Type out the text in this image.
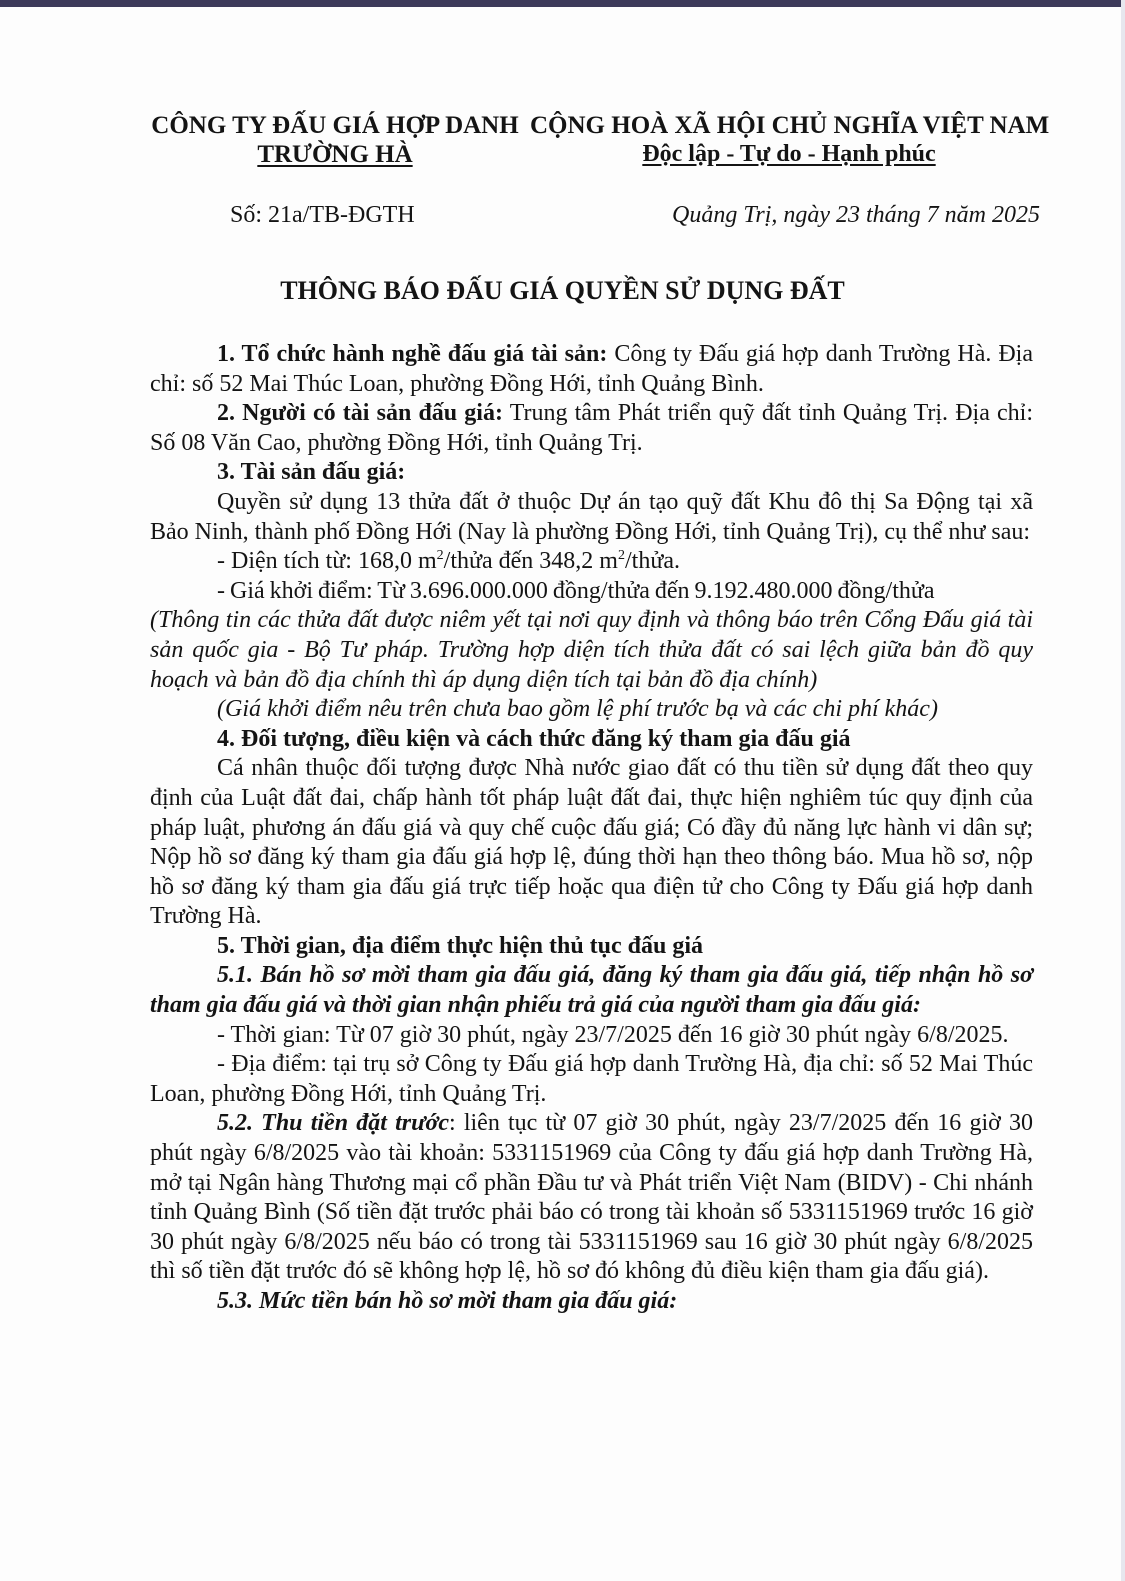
CÔNG TY ĐẤU GIÁ HỢP DANH
TRƯỜNG HÀ
CỘNG HOÀ XÃ HỘI CHỦ NGHĨA VIỆT NAM
Độc lập - Tự do - Hạnh phúc
Số: 21a/TB-ĐGTH	Quảng Trị, ngày 23 tháng 7 năm 2025
THÔNG BÁO ĐẤU GIÁ QUYỀN SỬ DỤNG ĐẤT

1. Tổ chức hành nghề đấu giá tài sản: Công ty Đấu giá hợp danh Trường Hà. Địa chỉ: số 52 Mai Thúc Loan, phường Đồng Hới, tỉnh Quảng Bình.

2. Người có tài sản đấu giá: Trung tâm Phát triển quỹ đất tỉnh Quảng Trị. Địa chỉ: Số 08 Văn Cao, phường Đồng Hới, tỉnh Quảng Trị.

3. Tài sản đấu giá:

Quyền sử dụng 13 thửa đất ở thuộc Dự án tạo quỹ đất Khu đô thị Sa Động tại xã Bảo Ninh, thành phố Đồng Hới (Nay là phường Đồng Hới, tỉnh Quảng Trị), cụ thể như sau:

- Diện tích từ: 168,0 $m^2$/thửa đến 348,2 $m^2$/thửa.

- Giá khởi điểm: Từ 3.696.000.000 đồng/thửa đến 9.192.480.000 đồng/thửa

(Thông tin các thửa đất được niêm yết tại nơi quy định và thông báo trên Cổng Đấu giá tài sản quốc gia - Bộ Tư pháp. Trường hợp diện tích thửa đất có sai lệch giữa bản đồ quy hoạch và bản đồ địa chính thì áp dụng diện tích tại bản đồ địa chính)

(Giá khởi điểm nêu trên chưa bao gồm lệ phí trước bạ và các chi phí khác)

4. Đối tượng, điều kiện và cách thức đăng ký tham gia đấu giá

Cá nhân thuộc đối tượng được Nhà nước giao đất có thu tiền sử dụng đất theo quy định của Luật đất đai, chấp hành tốt pháp luật đất đai, thực hiện nghiêm túc quy định của pháp luật, phương án đấu giá và quy chế cuộc đấu giá; Có đầy đủ năng lực hành vi dân sự; Nộp hồ sơ đăng ký tham gia đấu giá hợp lệ, đúng thời hạn theo thông báo. Mua hồ sơ, nộp hồ sơ đăng ký tham gia đấu giá trực tiếp hoặc qua điện tử cho Công ty Đấu giá hợp danh Trường Hà.

5. Thời gian, địa điểm thực hiện thủ tục đấu giá

5.1. Bán hồ sơ mời tham gia đấu giá, đăng ký tham gia đấu giá, tiếp nhận hồ sơ tham gia đấu giá và thời gian nhận phiếu trả giá của người tham gia đấu giá:

- Thời gian: Từ 07 giờ 30 phút, ngày 23/7/2025 đến 16 giờ 30 phút ngày 6/8/2025.

- Địa điểm: tại trụ sở Công ty Đấu giá hợp danh Trường Hà, địa chỉ: số 52 Mai Thúc Loan, phường Đồng Hới, tỉnh Quảng Trị.

5.2. Thu tiền đặt trước: liên tục từ 07 giờ 30 phút, ngày 23/7/2025 đến 16 giờ 30 phút ngày 6/8/2025 vào tài khoản: 5331151969 của Công ty đấu giá hợp danh Trường Hà, mở tại Ngân hàng Thương mại cổ phần Đầu tư và Phát triển Việt Nam (BIDV) - Chi nhánh tỉnh Quảng Bình (Số tiền đặt trước phải báo có trong tài khoản số 5331151969 trước 16 giờ 30 phút ngày 6/8/2025 nếu báo có trong tài 5331151969 sau 16 giờ 30 phút ngày 6/8/2025 thì số tiền đặt trước đó sẽ không hợp lệ, hồ sơ đó không đủ điều kiện tham gia đấu giá).

5.3. Mức tiền bán hồ sơ mời tham gia đấu giá:
